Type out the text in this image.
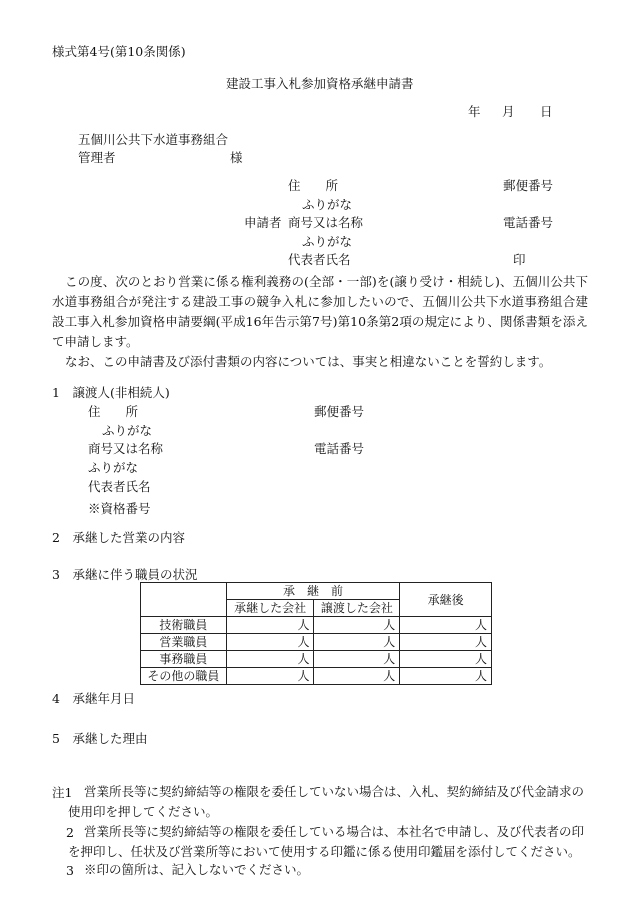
様式第4号(第10条関係)
建設工事入札参加資格承継申請書
年 月 日
五個川公共下水道事務組合
管理者	様
住　　所	郵便番号
ふりがな
申請者 商号又は名称	電話番号
ふりがな
代表者氏名	印

この度、次のとおり営業に係る権利義務の(全部・一部)を(譲り受け・相続し)、五個川公共下水道事務組合が発注する建設工事の競争入札に参加したいので、五個川公共下水道事務組合建設工事入札参加資格申請要綱(平成16年告示第7号)第10条第2項の規定により、関係書類を添えて申請します。

なお、この申請書及び添付書類の内容については、事実と相違ないことを誓約します。

1　譲渡人(非相続人)
住　　所	郵便番号
ふりがな
商号又は名称	電話番号
ふりがな
代表者氏名
※資格番号
2　承継した営業の内容
3　承継に伴う職員の状況
	承　継　前		承継後
	承継した会社	譲渡した会社	
技術職員	人	人	人
営業職員	人	人	人
事務職員	人	人	人
その他の職員	人	人	人
4　承継年月日
5　承継した理由
注1 営業所長等に契約締結等の権限を委任していない場合は、入札、契約締結及び代金請求の使用印を押してください。
2 営業所長等に契約締結等の権限を委任している場合は、本社名で申請し、及び代表者の印を押印し、任状及び営業所等において使用する印鑑に係る使用印鑑届を添付してください。
3 ※印の箇所は、記入しないでください。
